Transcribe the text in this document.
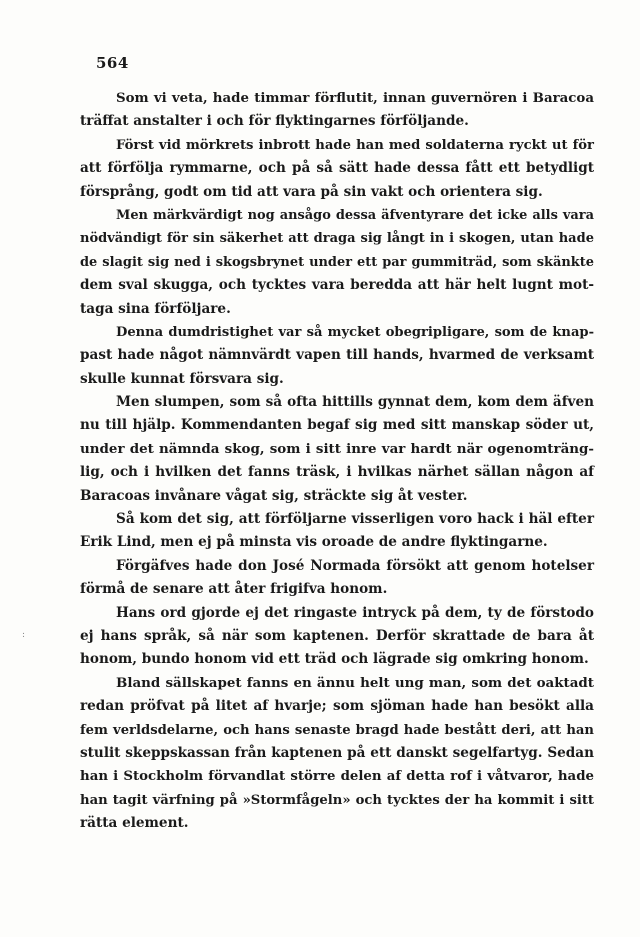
564
Som vi veta, hade timmar förflutit, innan guvernören i Baracoa
träffat anstalter i och för flyktingarnes förföljande.
Först vid mörkrets inbrott hade han med soldaterna ryckt ut för
att förfölja rymmarne, och på så sätt hade dessa fått ett betydligt
försprång, godt om tid att vara på sin vakt och orientera sig.
Men märkvärdigt nog ansågo dessa äfventyrare det icke alls vara
nödvändigt för sin säkerhet att draga sig långt in i skogen, utan hade
de slagit sig ned i skogsbrynet under ett par gummiträd, som skänkte
dem sval skugga, och tycktes vara beredda att här helt lugnt mot-
taga sina förföljare.
Denna dumdristighet var så mycket obegripligare, som de knap-
past hade något nämnvärdt vapen till hands, hvarmed de verksamt
skulle kunnat försvara sig.
Men slumpen, som så ofta hittills gynnat dem, kom dem äfven
nu till hjälp. Kommendanten begaf sig med sitt manskap söder ut,
under det nämnda skog, som i sitt inre var hardt när ogenomträng-
lig, och i hvilken det fanns träsk, i hvilkas närhet sällan någon af
Baracoas invånare vågat sig, sträckte sig åt vester.
Så kom det sig, att förföljarne visserligen voro hack i häl efter
Erik Lind, men ej på minsta vis oroade de andre flyktingarne.
Förgäfves hade don José Normada försökt att genom hotelser
förmå de senare att åter frigifva honom.
Hans ord gjorde ej det ringaste intryck på dem, ty de förstodo
ej hans språk, så när som kaptenen. Derför skrattade de bara åt
honom, bundo honom vid ett träd och lägrade sig omkring honom.
Bland sällskapet fanns en ännu helt ung man, som det oaktadt
redan pröfvat på litet af hvarje; som sjöman hade han besökt alla
fem verldsdelarne, och hans senaste bragd hade bestått deri, att han
stulit skeppskassan från kaptenen på ett danskt segelfartyg. Sedan
han i Stockholm förvandlat större delen af detta rof i våtvaror, hade
han tagit värfning på »Stormfågeln» och tycktes der ha kommit i sitt
rätta element.
:
